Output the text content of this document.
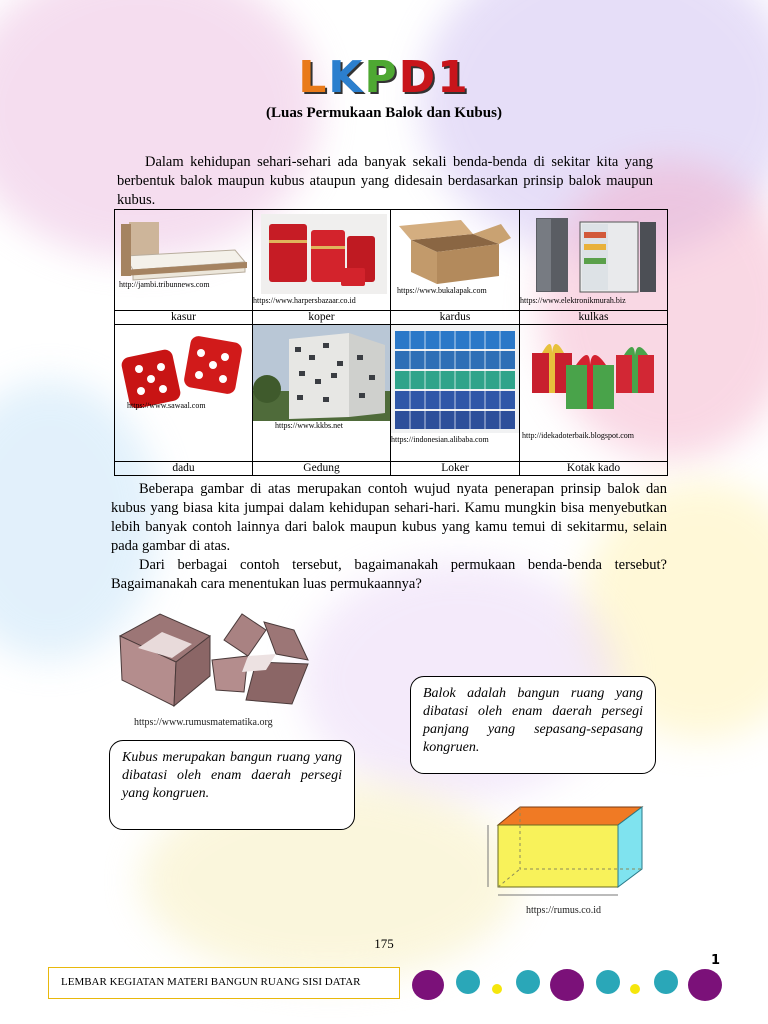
LKPD1
(Luas Permukaan Balok dan Kubus)

Dalam kehidupan sehari-sehari ada banyak sekali benda-benda di sekitar kita yang berbentuk balok maupun kubus ataupun yang didesain berdasarkan prinsip balok maupun kubus.

http://jambi.tribunnews.com	https://www.harpersbazaar.co.id	https://www.bukalapak.com	https://www.elektronikmurah.biz

kasur	koper	kardus	kulkas

https://www.sawaal.com	https://www.kkbs.net	https://indonesian.alibaba.com	http://idekadoterbaik.blogspot.com

dadu	Gedung	Loker	Kotak kado

Beberapa gambar di atas merupakan contoh wujud nyata penerapan prinsip balok dan kubus yang biasa kita jumpai dalam kehidupan sehari-hari. Kamu mungkin bisa menyebutkan lebih banyak contoh lainnya dari balok maupun kubus yang kamu temui di sekitarmu, selain pada gambar di atas.

Dari berbagai contoh tersebut, bagaimanakah permukaan benda-benda tersebut? Bagaimanakah cara menentukan luas permukaannya?

https://www.rumusmatematika.org
Balok adalah bangun ruang yang dibatasi oleh enam daerah persegi panjang yang sepasang-sepasang kongruen.
Kubus merupakan bangun ruang yang dibatasi oleh enam daerah persegi yang kongruen.
https://rumus.co.id
175
1
LEMBAR KEGIATAN MATERI BANGUN RUANG SISI DATAR
